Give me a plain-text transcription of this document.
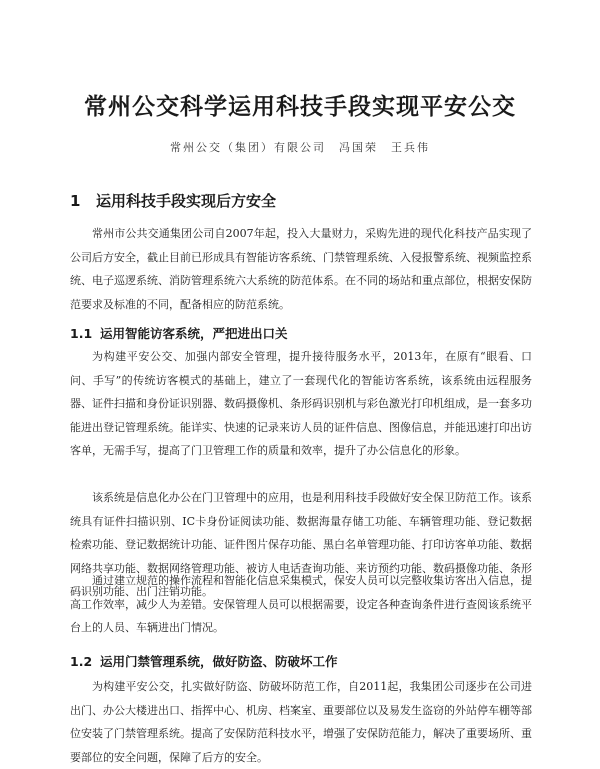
常州公交科学运用科技手段实现平安公交
常州公交（集团）有限公司　冯国荣　王兵伟
1 运用科技手段实现后方安全
常州市公共交通集团公司自2007年起，投入大量财力，采购先进的现代化科技产品实现了公司后方安全，截止目前已形成具有智能访客系统、门禁管理系统、入侵报警系统、视频监控系统、电子巡逻系统、消防管理系统六大系统的防范体系。在不同的场站和重点部位，根据安保防范要求及标准的不同，配备相应的防范系统。
1.1 运用智能访客系统，严把进出口关
为构建平安公交、加强内部安全管理，提升接待服务水平，2013年，在原有“眼看、口问、手写”的传统访客模式的基础上，建立了一套现代化的智能访客系统，该系统由远程服务器、证件扫描和身份证识别器、数码摄像机、条形码识别机与彩色激光打印机组成，是一套多功能进出登记管理系统。能详实、快速的记录来访人员的证件信息、图像信息，并能迅速打印出访客单，无需手写，提高了门卫管理工作的质量和效率，提升了办公信息化的形象。
该系统是信息化办公在门卫管理中的应用，也是利用科技手段做好安全保卫防范工作。该系统具有证件扫描识别、IC卡身份证阅读功能、数据海量存储工功能、车辆管理功能、登记数据检索功能、登记数据统计功能、证件图片保存功能、黑白名单管理功能、打印访客单功能、数据网络共享功能、数据网络管理功能、被访人电话查询功能、来访预约功能、数码摄像功能、条形码识别功能、出门注销功能。
通过建立规范的操作流程和智能化信息采集模式，保安人员可以完整收集访客出入信息，提高工作效率，减少人为差错。安保管理人员可以根据需要，设定各种查询条件进行查阅该系统平台上的人员、车辆进出门情况。
1.2 运用门禁管理系统，做好防盗、防破坏工作
为构建平安公交，扎实做好防盗、防破坏防范工作，自2011起，我集团公司逐步在公司进出门、办公大楼进出口、指挥中心、机房、档案室、重要部位以及易发生盗窃的外站停车棚等部位安装了门禁管理系统。提高了安保防范科技水平，增强了安保防范能力，解决了重要场所、重要部位的安全问题，保障了后方的安全。
